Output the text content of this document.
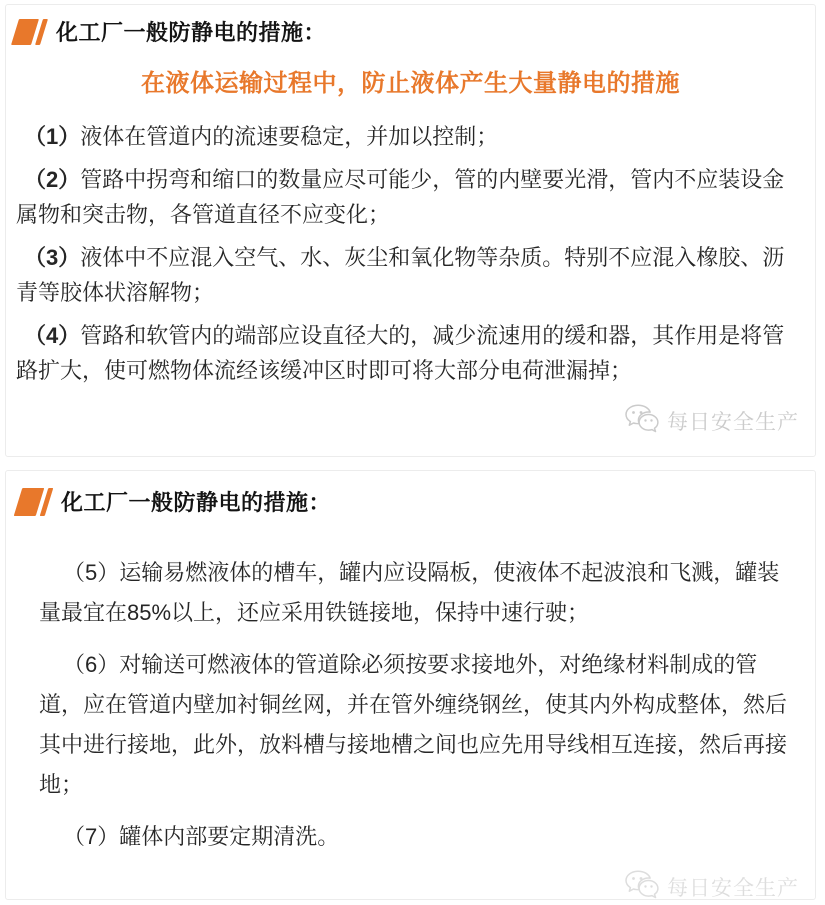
化工厂一般防静电的措施：
在液体运输过程中，防止液体产生大量静电的措施

（1）液体在管道内的流速要稳定，并加以控制；

（2）管路中拐弯和缩口的数量应尽可能少，管的内壁要光滑，管内不应装设金属物和突击物，各管道直径不应变化；

（3）液体中不应混入空气、水、灰尘和氧化物等杂质。特别不应混入橡胶、沥青等胶体状溶解物；

（4）管路和软管内的端部应设直径大的，减少流速用的缓和器，其作用是将管路扩大，使可燃物体流经该缓冲区时即可将大部分电荷泄漏掉；

每日安全生产
化工厂一般防静电的措施：

（5）运输易燃液体的槽车，罐内应设隔板，使液体不起波浪和飞溅，罐装量最宜在85%以上，还应采用铁链接地，保持中速行驶；

（6）对输送可燃液体的管道除必须按要求接地外，对绝缘材料制成的管道，应在管道内壁加衬铜丝网，并在管外缠绕钢丝，使其内外构成整体，然后其中进行接地，此外，放料槽与接地槽之间也应先用导线相互连接，然后再接地；

（7）罐体内部要定期清洗。

每日安全生产
